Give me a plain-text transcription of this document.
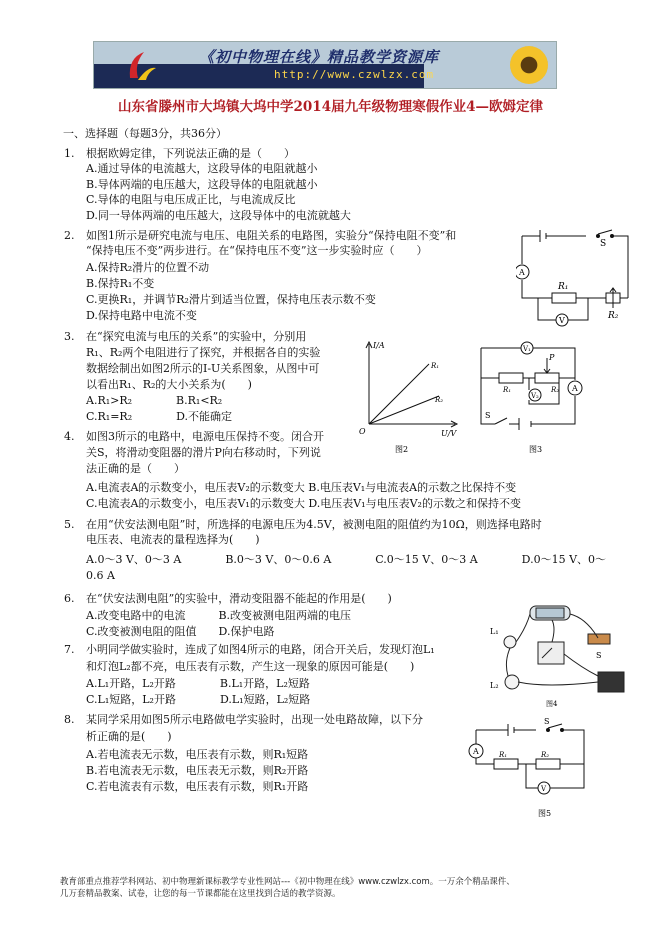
《初中物理在线》精品教学资源库
http://www.czwlzx.com
山东省滕州市大坞镇大坞中学2014届九年级物理寒假作业4—欧姆定律
一、选择题（每题3分，共36分）
1. 根据欧姆定律，下列说法正确的是（　　）
A.通过导体的电流越大，这段导体的电阻就越小
B.导体两端的电压越大，这段导体的电阻就越小
C.导体的电阻与电压成正比，与电流成反比
D.同一导体两端的电压越大，这段导体中的电流就越大
2. 如图1所示是研究电流与电压、电阻关系的电路图，实验分“保持电阻不变”和
“保持电压不变”两步进行。在“保持电压不变”这一步实验时应（　　）
A.保持R₂滑片的位置不动
B.保持R₁不变
C.更换R₁，并调节R₂滑片到适当位置，保持电压表示数不变
D.保持电路中电流不变
3. 在“探究电流与电压的关系”的实验中，分别用
R₁、R₂两个电阻进行了探究，并根据各自的实验
数据绘制出如图2所示的I-U关系图象，从图中可
以看出R₁、R₂的大小关系为(　　)
A.R₁>R₂　　　　B.R₁<R₂
C.R₁=R₂　　　　D.不能确定
4. 如图3所示的电路中，电源电压保持不变。闭合开
关S，将滑动变阻器的滑片P向右移动时，下列说
法正确的是（　　）
A.电流表A的示数变小，电压表V₂的示数变大 B.电压表V₁与电流表A的示数之比保持不变
C.电流表A的示数变小，电压表V₁的示数变大 D.电压表V₁与电压表V₂的示数之和保持不变
5. 在用“伏安法测电阻”时，所选择的电源电压为4.5V，被测电阻的阻值约为10Ω，则选择电路时
电压表、电流表的量程选择为(　　)
A.0～3 V、0～3 A　　　　B.0～3 V、0～0.6 A　　　　C.0～15 V、0～3 A　　　　D.0～15 V、0～
0.6 A
6. 在“伏安法测电阻”的实验中，滑动变阻器不能起的作用是(　　)
A.改变电路中的电流　　　B.改变被测电阻两端的电压
C.改变被测电阻的阻值　　D.保护电路
7. 小明同学做实验时，连成了如图4所示的电路，闭合开关后，发现灯泡L₁
和灯泡L₂都不亮，电压表有示数，产生这一现象的原因可能是(　　)
A.L₁开路，L₂开路　　　　B.L₁开路，L₂短路
C.L₁短路，L₂开路　　　　D.L₁短路，L₂短路
8. 某同学采用如图5所示电路做电学实验时，出现一处电路故障，以下分
析正确的是(　　)
A.若电流表无示数，电压表有示数，则R₁短路
B.若电流表无示数，电压表无示数，则R₂开路
C.若电流表有示数，电压表有示数，则R₁开路
A
V
S
R₁
R₂
I/A
U/V
O
R₁
R₂
图2
V₁
V₂
P
R₁	R₂ A
S
图3
L₁
L₂
S
图4
S
A	R₁	R₂
V
图5
教育部重点推荐学科网站、初中物理新课标教学专业性网站---《初中物理在线》www.czwlzx.com。一万余个精品课件、
几万套精品教案、试卷，让您的每一节课都能在这里找到合适的教学资源。
